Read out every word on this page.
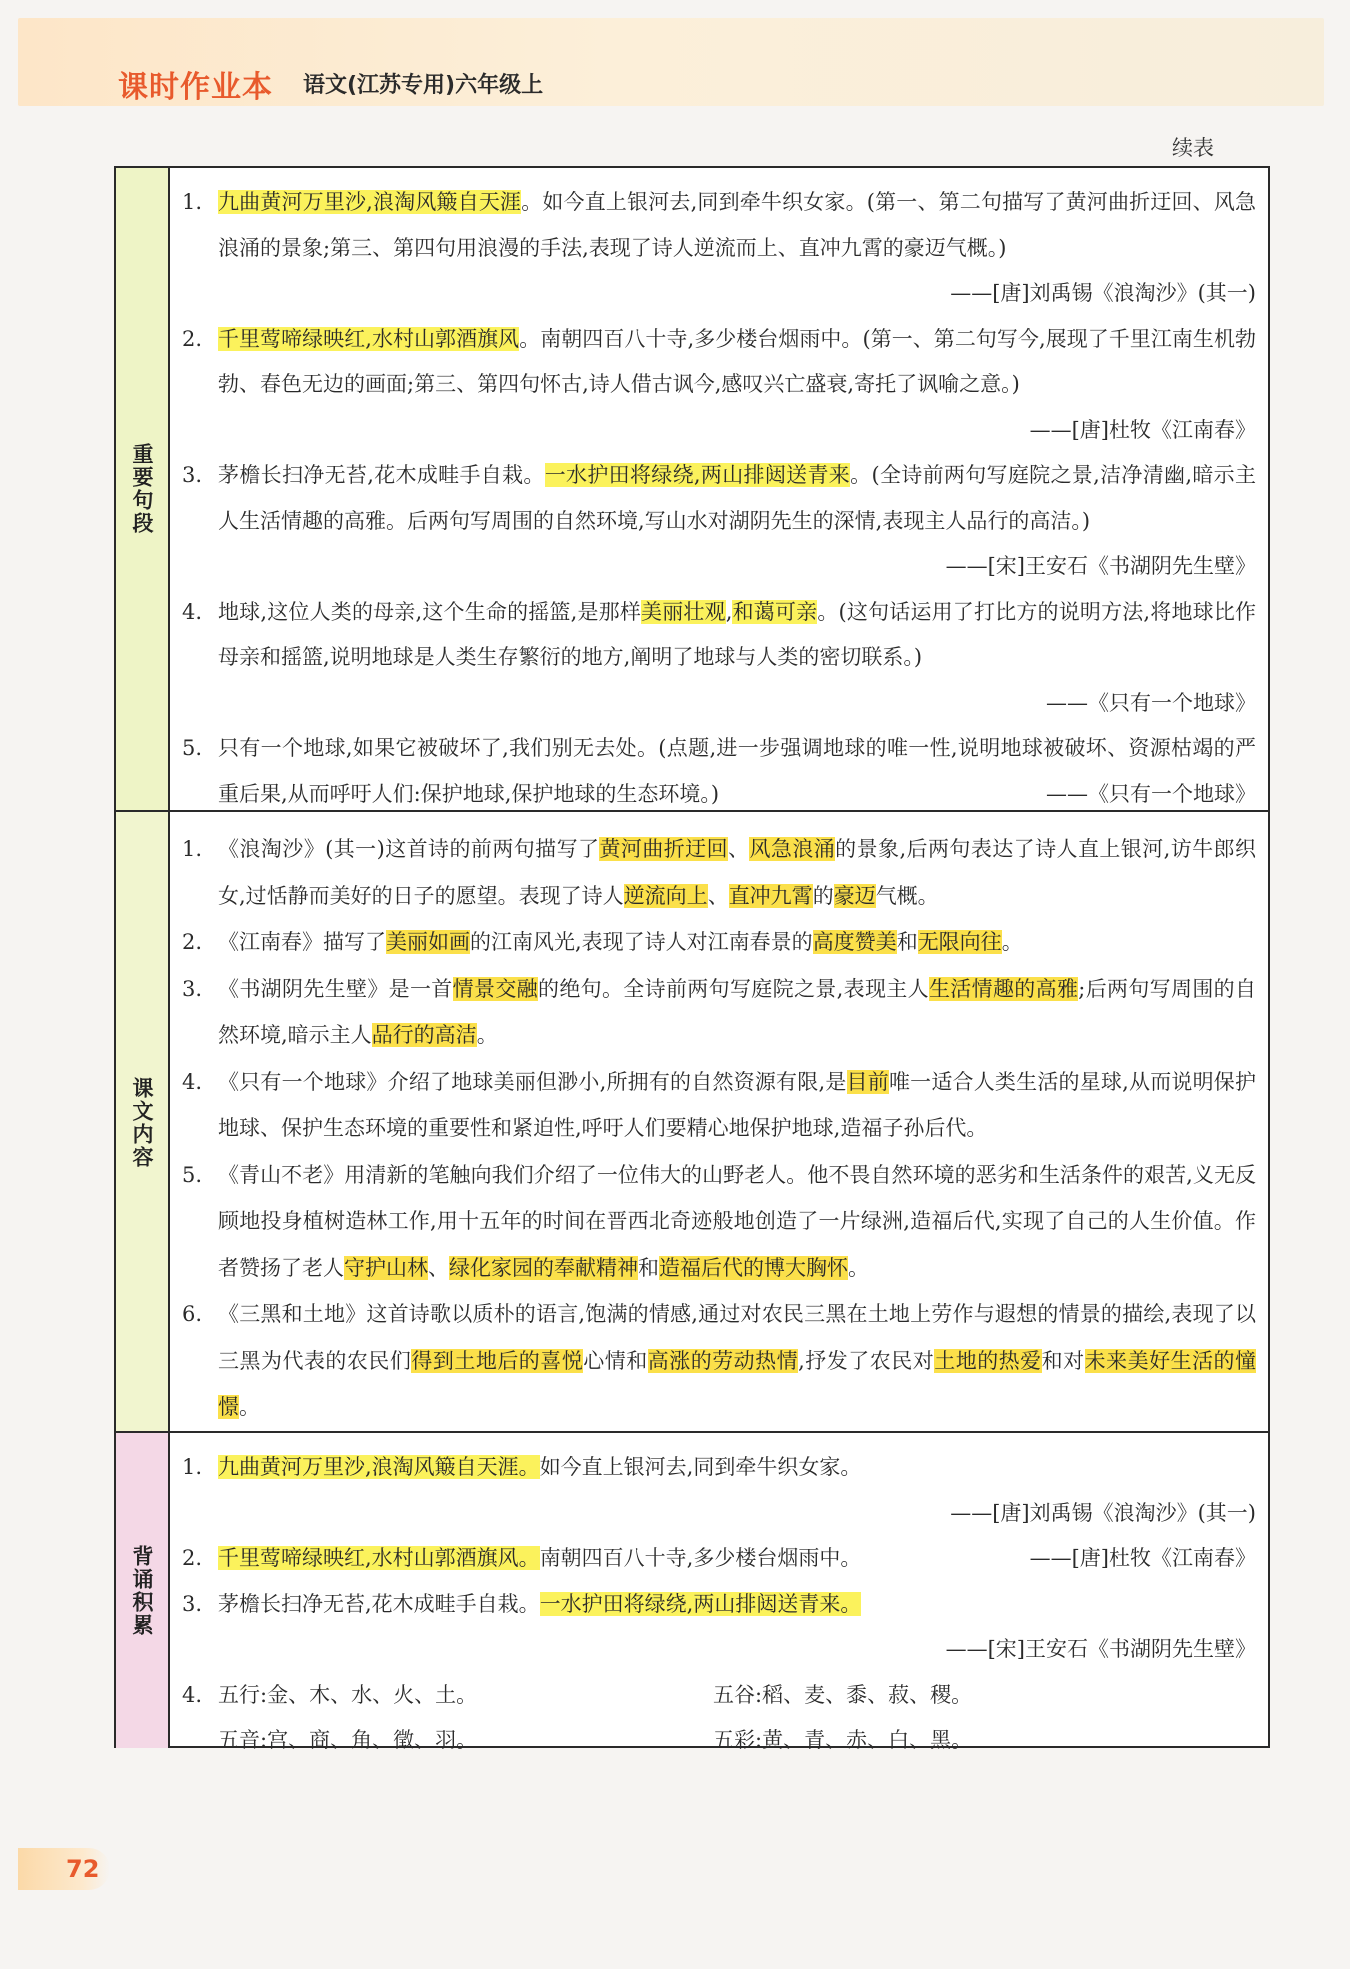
课时作业本 语文(江苏专用)六年级上
续表
重要句段
1. 九曲黄河万里沙,浪淘风簸自天涯。如今直上银河去,同到牵牛织女家。(第一、第二句描写了黄河曲折迂回、风急浪涌的景象;第三、第四句用浪漫的手法,表现了诗人逆流而上、直冲九霄的豪迈气概。)
——[唐]刘禹锡《浪淘沙》(其一)
2. 千里莺啼绿映红,水村山郭酒旗风。南朝四百八十寺,多少楼台烟雨中。(第一、第二句写今,展现了千里江南生机勃勃、春色无边的画面;第三、第四句怀古,诗人借古讽今,感叹兴亡盛衰,寄托了讽喻之意。)
——[唐]杜牧《江南春》
3. 茅檐长扫净无苔,花木成畦手自栽。一水护田将绿绕,两山排闼送青来。(全诗前两句写庭院之景,洁净清幽,暗示主人生活情趣的高雅。后两句写周围的自然环境,写山水对湖阴先生的深情,表现主人品行的高洁。)
——[宋]王安石《书湖阴先生壁》
4. 地球,这位人类的母亲,这个生命的摇篮,是那样美丽壮观,和蔼可亲。(这句话运用了打比方的说明方法,将地球比作母亲和摇篮,说明地球是人类生存繁衍的地方,阐明了地球与人类的密切联系。)
——《只有一个地球》
5. 只有一个地球,如果它被破坏了,我们别无去处。(点题,进一步强调地球的唯一性,说明地球被破坏、资源枯竭的严重后果,从而呼吁人们:保护地球,保护地球的生态环境。)	——《只有一个地球》
课文内容
1. 《浪淘沙》(其一)这首诗的前两句描写了黄河曲折迂回、风急浪涌的景象,后两句表达了诗人直上银河,访牛郎织女,过恬静而美好的日子的愿望。表现了诗人逆流向上、直冲九霄的豪迈气概。
2. 《江南春》描写了美丽如画的江南风光,表现了诗人对江南春景的高度赞美和无限向往。
3. 《书湖阴先生壁》是一首情景交融的绝句。全诗前两句写庭院之景,表现主人生活情趣的高雅;后两句写周围的自然环境,暗示主人品行的高洁。
4. 《只有一个地球》介绍了地球美丽但渺小,所拥有的自然资源有限,是目前唯一适合人类生活的星球,从而说明保护地球、保护生态环境的重要性和紧迫性,呼吁人们要精心地保护地球,造福子孙后代。
5. 《青山不老》用清新的笔触向我们介绍了一位伟大的山野老人。他不畏自然环境的恶劣和生活条件的艰苦,义无反顾地投身植树造林工作,用十五年的时间在晋西北奇迹般地创造了一片绿洲,造福后代,实现了自己的人生价值。作者赞扬了老人守护山林、绿化家园的奉献精神和造福后代的博大胸怀。
6. 《三黑和土地》这首诗歌以质朴的语言,饱满的情感,通过对农民三黑在土地上劳作与遐想的情景的描绘,表现了以三黑为代表的农民们得到土地后的喜悦心情和高涨的劳动热情,抒发了农民对土地的热爱和对未来美好生活的憧憬。
背诵积累
1. 九曲黄河万里沙,浪淘风簸自天涯。如今直上银河去,同到牵牛织女家。
——[唐]刘禹锡《浪淘沙》(其一)
2. 千里莺啼绿映红,水村山郭酒旗风。南朝四百八十寺,多少楼台烟雨中。	——[唐]杜牧《江南春》
3. 茅檐长扫净无苔,花木成畦手自栽。一水护田将绿绕,两山排闼送青来。
——[宋]王安石《书湖阴先生壁》
4. 五行:金、木、水、火、土。	五谷:稻、麦、黍、菽、稷。
五音:宫、商、角、徵、羽。	五彩:黄、青、赤、白、黑。
72
